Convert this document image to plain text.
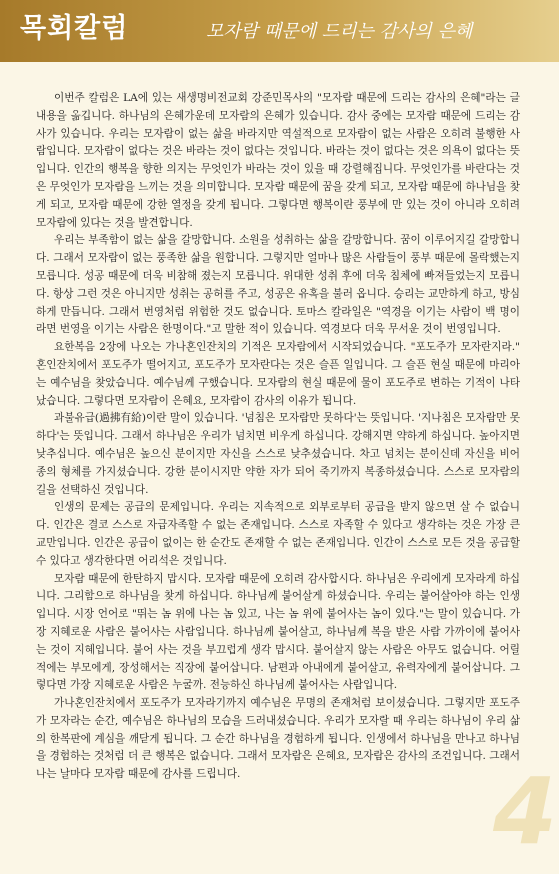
목회칼럼	모자람 때문에 드리는 감사의 은혜
4

이번주 칼럼은 LA에 있는 새생명비전교회 강준민목사의 "모자람 때문에 드리는 감사의 은혜"라는 글 내용을 옮깁니다. 하나님의 은혜가운데 모자람의 은혜가 있습니다. 감사 중에는 모자람 때문에 드리는 감사가 있습니다. 우리는 모자람이 없는 삶을 바라지만 역설적으로 모자람이 없는 사람은 오히려 불행한 사람입니다. 모자람이 없다는 것은 바라는 것이 없다는 것입니다. 바라는 것이 없다는 것은 의욕이 없다는 뜻입니다. 인간의 행복을 향한 의지는 무엇인가 바라는 것이 있을 때 강렬해집니다. 무엇인가를 바란다는 것은 무엇인가 모자람을 느끼는 것을 의미합니다. 모자람 때문에 꿈을 갖게 되고, 모자람 때문에 하나님을 찾게 되고, 모자람 때문에 강한 열정을 갖게 됩니다. 그렇다면 행복이란 풍부에 만 있는 것이 아니라 오히려 모자람에 있다는 것을 발견합니다.

우리는 부족함이 없는 삶을 갈망합니다. 소원을 성취하는 삶을 갈망합니다. 꿈이 이루어지길 갈망합니다. 그래서 모자람이 없는 풍족한 삶을 원합니다. 그렇지만 얼마나 많은 사람들이 풍부 때문에 몰락했는지 모릅니다. 성공 때문에 더욱 비참해 졌는지 모릅니다. 위대한 성취 후에 더욱 침체에 빠져들었는지 모릅니다. 항상 그런 것은 아니지만 성취는 공허를 주고, 성공은 유혹을 불러 옵니다. 승리는 교만하게 하고, 방심하게 만듭니다. 그래서 번영처럼 위험한 것도 없습니다. 토마스 칼라일은 "역경을 이기는 사람이 백 명이라면 번영을 이기는 사람은 한명이다."고 말한 적이 있습니다. 역경보다 더욱 무서운 것이 번영입니다.

요한복음 2장에 나오는 가나혼인잔치의 기적은 모자람에서 시작되었습니다. "포도주가 모자란지라." 혼인잔치에서 포도주가 떨어지고, 포도주가 모자란다는 것은 슬픈 일입니다. 그 슬픈 현실 때문에 마리아는 예수님을 찾았습니다. 예수님께 구했습니다. 모자람의 현실 때문에 물이 포도주로 변하는 기적이 나타났습니다. 그렇다면 모자람이 은혜요, 모자람이 감사의 이유가 됩니다.

과불유급(過拂有給)이란 말이 있습니다. '넘침은 모자람만 못하다'는 뜻입니다. '지나침은 모자람만 못하다'는 뜻입니다. 그래서 하나님은 우리가 넘치면 비우게 하십니다. 강해지면 약하게 하십니다. 높아지면 낮추십니다. 예수님은 높으신 분이지만 자신을 스스로 낮추셨습니다. 차고 넘치는 분이신데 자신을 비어 종의 형체를 가지셨습니다. 강한 분이시지만 약한 자가 되어 죽기까지 복종하셨습니다. 스스로 모자람의 길을 선택하신 것입니다.

인생의 문제는 공급의 문제입니다. 우리는 지속적으로 외부로부터 공급을 받지 않으면 살 수 없습니다. 인간은 결코 스스로 자급자족할 수 없는 존재입니다. 스스로 자족할 수 있다고 생각하는 것은 가장 큰 교만입니다. 인간은 공급이 없이는 한 순간도 존재할 수 없는 존재입니다. 인간이 스스로 모든 것을 공급할 수 있다고 생각한다면 어리석은 것입니다.

모자람 때문에 한탄하지 맙시다. 모자람 때문에 오히려 감사합시다. 하나님은 우리에게 모자라게 하십니다. 그리함으로 하나님을 찾게 하십니다. 하나님께 붙어살게 하셨습니다. 우리는 붙어살아야 하는 인생입니다. 시장 언어로 "뛰는 놈 위에 나는 놈 있고, 나는 놈 위에 붙어사는 놈이 있다."는 말이 있습니다. 가장 지혜로운 사람은 붙어사는 사람입니다. 하나님께 붙어살고, 하나님께 복을 받은 사람 가까이에 붙어사는 것이 지혜입니다. 붙어 사는 것을 부끄럽게 생각 맙시다. 붙어살지 않는 사람은 아무도 없습니다. 어릴 적에는 부모에게, 장성해서는 직장에 붙어삽니다. 남편과 아내에게 붙어살고, 유력자에게 붙어삽니다. 그렇다면 가장 지혜로운 사람은 누굴까. 전능하신 하나님께 붙어사는 사람입니다.

가나혼인잔치에서 포도주가 모자라기까지 예수님은 무명의 존재처럼 보이셨습니다. 그렇지만 포도주가 모자라는 순간, 예수님은 하나님의 모습을 드러내셨습니다. 우리가 모자랄 때 우리는 하나님이 우리 삶의 한복판에 계심을 깨닫게 됩니다. 그 순간 하나님을 경험하게 됩니다. 인생에서 하나님을 만나고 하나님을 경험하는 것처럼 더 큰 행복은 없습니다. 그래서 모자람은 은혜요, 모자람은 감사의 조건입니다. 그래서 나는 날마다 모자람 때문에 감사를 드립니다.
